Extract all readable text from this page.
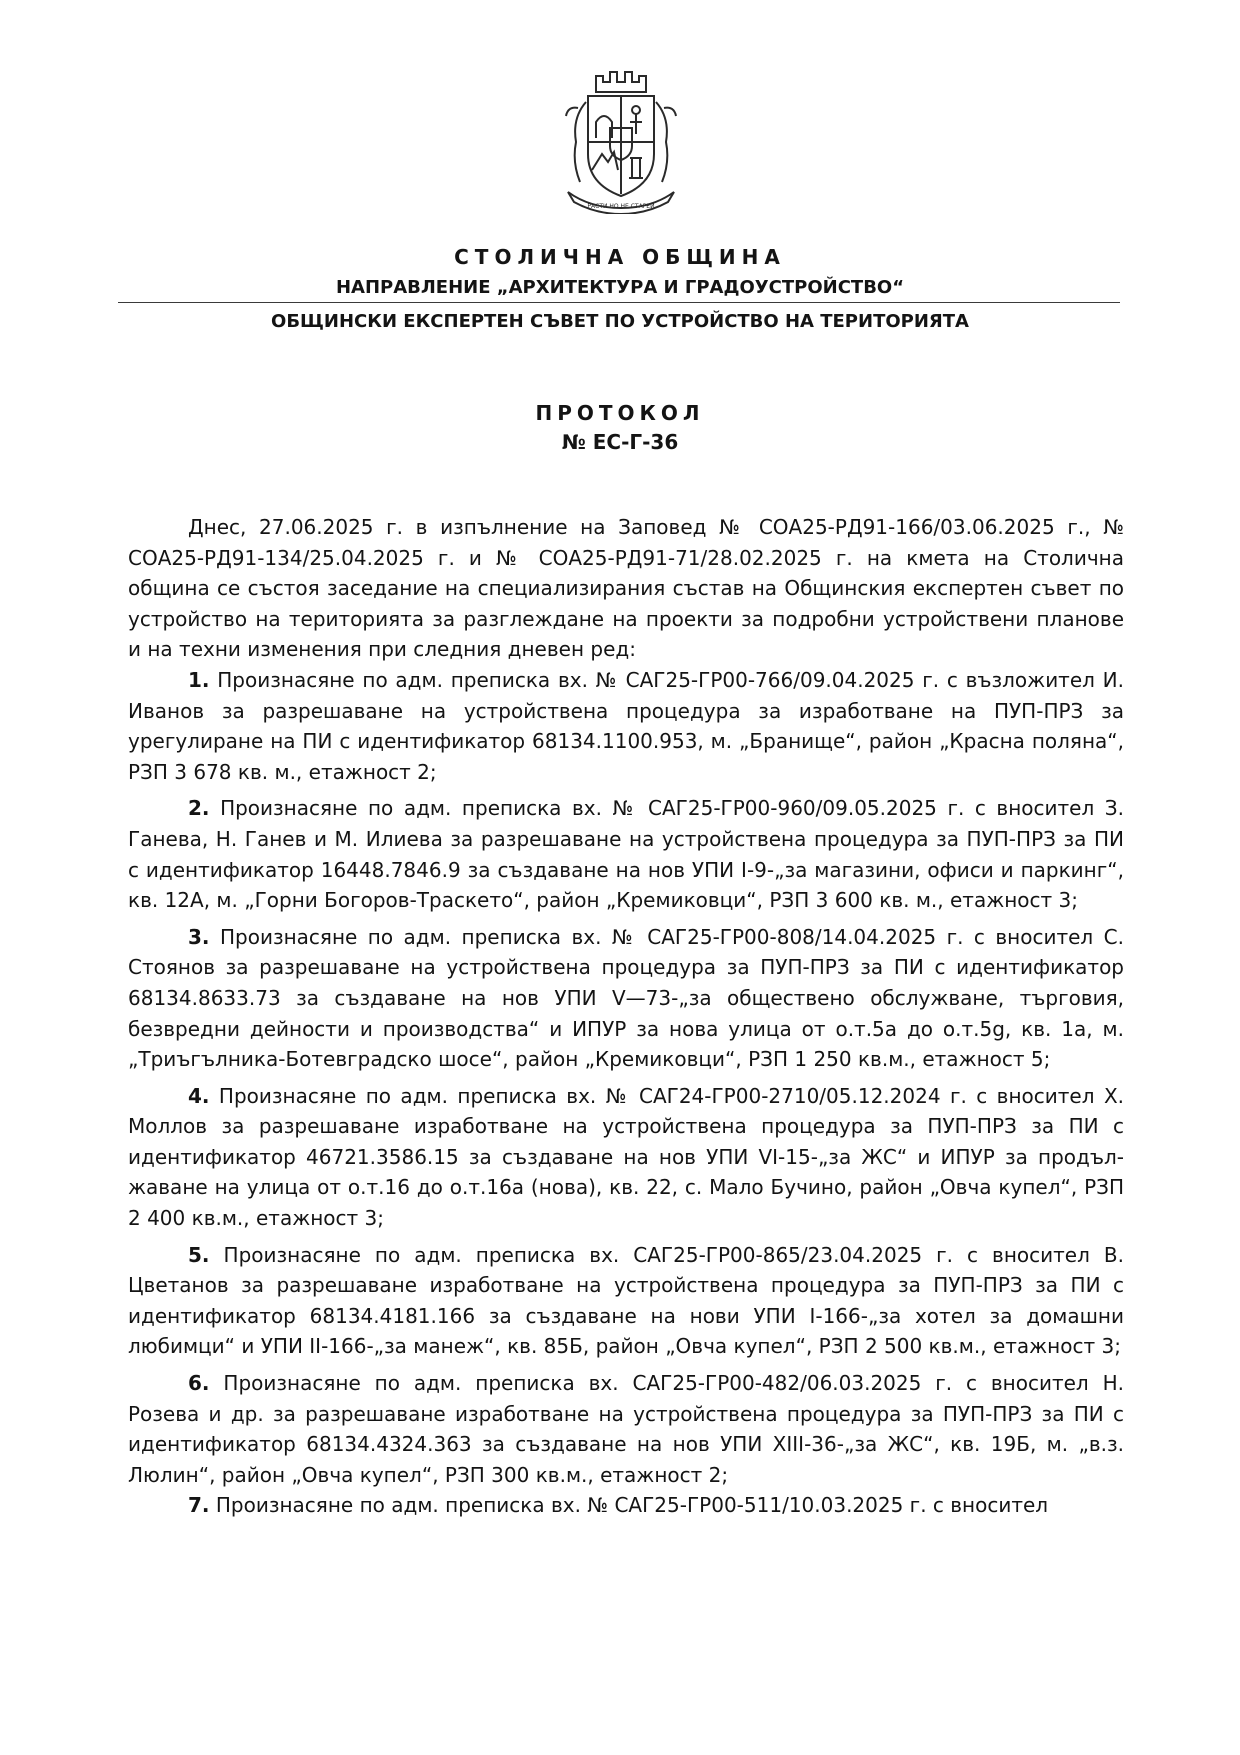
РАСТИ НО НЕ СТАРЕЙ
СТОЛИЧНА ОБЩИНА
НАПРАВЛЕНИЕ „АРХИТЕКТУРА И ГРАДОУСТРОЙСТВО“
ОБЩИНСКИ ЕКСПЕРТЕН СЪВЕТ ПО УСТРОЙСТВО НА ТЕРИТОРИЯТА
ПРОТОКОЛ
№ ЕС-Г-36

Днес, 27.06.2025 г. в изпълнение на Заповед № СОА25-РД91-166/03.06.2025 г., № СОА25-РД91-134/25.04.2025 г. и № СОА25-РД91-71/28.02.2025 г. на кмета на Столична община се състоя заседание на специализирания състав на Общинския експертен съвет по устройство на територията за разглеждане на проекти за подробни устройствени планове и на техни изменения при следния дневен ред:

1. Произнасяне по адм. преписка вх. № САГ25-ГР00-766/09.04.2025 г. с възложител И. Иванов за разрешаване на устройствена процедура за изработване на ПУП-ПРЗ за урегулиране на ПИ с идентификатор 68134.1100.953, м. „Бранище“, район „Красна поляна“, РЗП 3 678 кв. м., етажност 2;

2. Произнасяне по адм. преписка вх. № САГ25-ГР00-960/09.05.2025 г. с вносител З. Ганева, Н. Ганев и М. Илиева за разрешаване на устройствена процедура за ПУП-ПРЗ за ПИ с идентификатор 16448.7846.9 за създаване на нов УПИ I-9-„за магазини, офиси и паркинг“, кв. 12А, м. „Горни Богоров-Траскето“, район „Кремиковци“, РЗП 3 600 кв. м., етажност 3;

3. Произнасяне по адм. преписка вх. № САГ25-ГР00-808/14.04.2025 г. с вносител С. Стоянов за разрешаване на устройствена процедура за ПУП-ПРЗ за ПИ с идентификатор 68134.8633.73 за създаване на нов УПИ V—73-„за обществено обслужване, търговия, безвредни дейности и производства“ и ИПУР за нова улица от о.т.5а до о.т.5g, кв. 1а, м. „Триъгълника-Ботевградско шосе“, район „Кремиковци“, РЗП 1 250 кв.м., етажност 5;

4. Произнасяне по адм. преписка вх. № САГ24-ГР00-2710/05.12.2024 г. с вносител Х. Моллов за разрешаване изработване на устройствена процедура за ПУП-ПРЗ за ПИ с идентификатор 46721.3586.15 за създаване на нов УПИ VI-15-„за ЖС“ и ИПУР за продължаване на улица от о.т.16 до о.т.16а (нова), кв. 22, с. Мало Бучино, район „Овча купел“, РЗП 2 400 кв.м., етажност 3;

5. Произнасяне по адм. преписка вх. САГ25-ГР00-865/23.04.2025 г. с вносител В. Цветанов за разрешаване изработване на устройствена процедура за ПУП-ПРЗ за ПИ с идентификатор 68134.4181.166 за създаване на нови УПИ I-166-„за хотел за домашни любимци“ и УПИ II-166-„за манеж“, кв. 85Б, район „Овча купел“, РЗП 2 500 кв.м., етажност 3;

6. Произнасяне по адм. преписка вх. САГ25-ГР00-482/06.03.2025 г. с вносител Н. Розева и др. за разрешаване изработване на устройствена процедура за ПУП-ПРЗ за ПИ с идентификатор 68134.4324.363 за създаване на нов УПИ XIII-36-„за ЖС“, кв. 19Б, м. „в.з. Люлин“, район „Овча купел“, РЗП 300 кв.м., етажност 2;

7. Произнасяне по адм. преписка вх. № САГ25-ГР00-511/10.03.2025 г. с вносител
